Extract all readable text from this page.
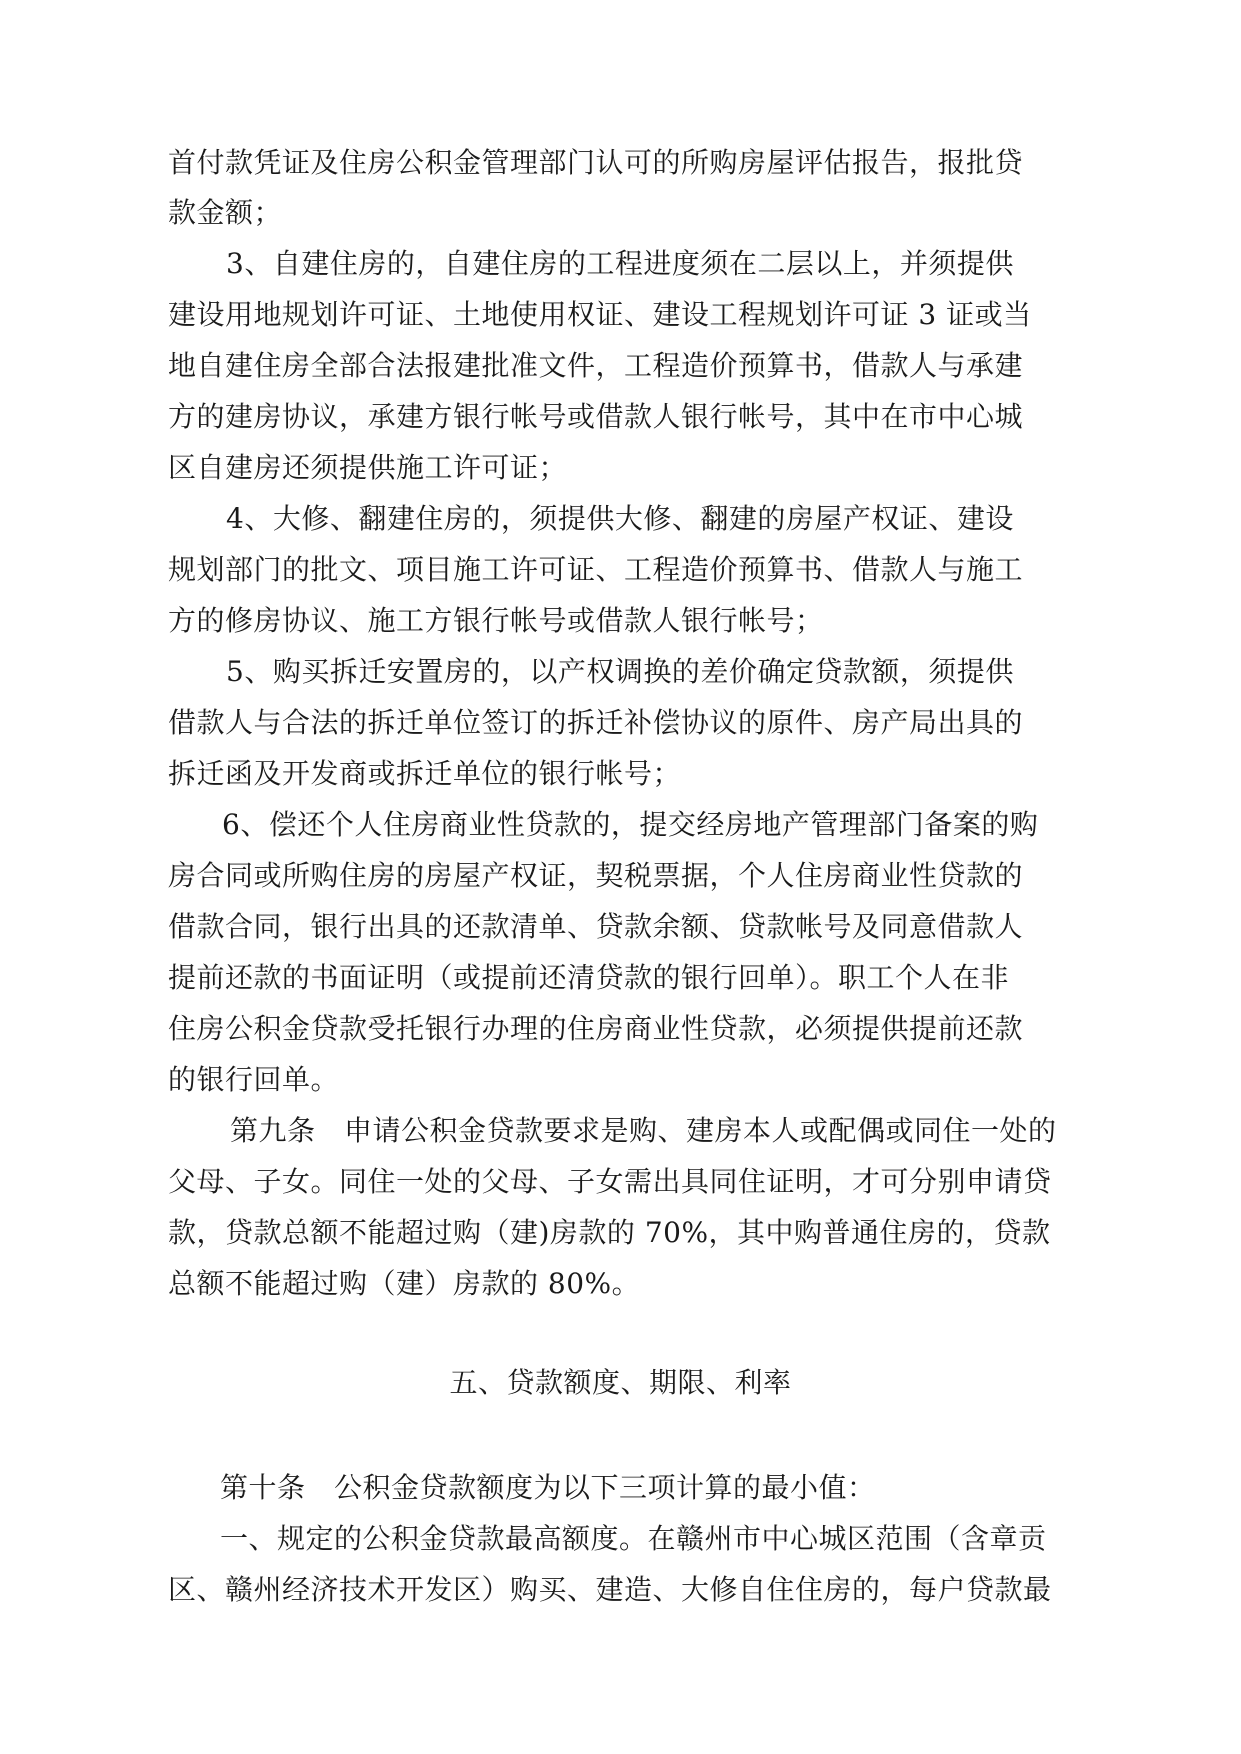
首付款凭证及住房公积金管理部门认可的所购房屋评估报告，报批贷
款金额；
3、自建住房的，自建住房的工程进度须在二层以上，并须提供
建设用地规划许可证、土地使用权证、建设工程规划许可证 3 证或当
地自建住房全部合法报建批准文件，工程造价预算书，借款人与承建
方的建房协议，承建方银行帐号或借款人银行帐号，其中在市中心城
区自建房还须提供施工许可证；
4、大修、翻建住房的，须提供大修、翻建的房屋产权证、建设
规划部门的批文、项目施工许可证、工程造价预算书、借款人与施工
方的修房协议、施工方银行帐号或借款人银行帐号；
5、购买拆迁安置房的，以产权调换的差价确定贷款额，须提供
借款人与合法的拆迁单位签订的拆迁补偿协议的原件、房产局出具的
拆迁函及开发商或拆迁单位的银行帐号；
6、偿还个人住房商业性贷款的，提交经房地产管理部门备案的购
房合同或所购住房的房屋产权证，契税票据，个人住房商业性贷款的
借款合同，银行出具的还款清单、贷款余额、贷款帐号及同意借款人
提前还款的书面证明（或提前还清贷款的银行回单）。职工个人在非
住房公积金贷款受托银行办理的住房商业性贷款，必须提供提前还款
的银行回单。
第九条　申请公积金贷款要求是购、建房本人或配偶或同住一处的
父母、子女。同住一处的父母、子女需出具同住证明，才可分别申请贷
款，贷款总额不能超过购（建)房款的 70%，其中购普通住房的，贷款
总额不能超过购（建）房款的 80%。
五、贷款额度、期限、利率
第十条　公积金贷款额度为以下三项计算的最小值：
一、规定的公积金贷款最高额度。在赣州市中心城区范围（含章贡
区、赣州经济技术开发区）购买、建造、大修自住住房的，每户贷款最
